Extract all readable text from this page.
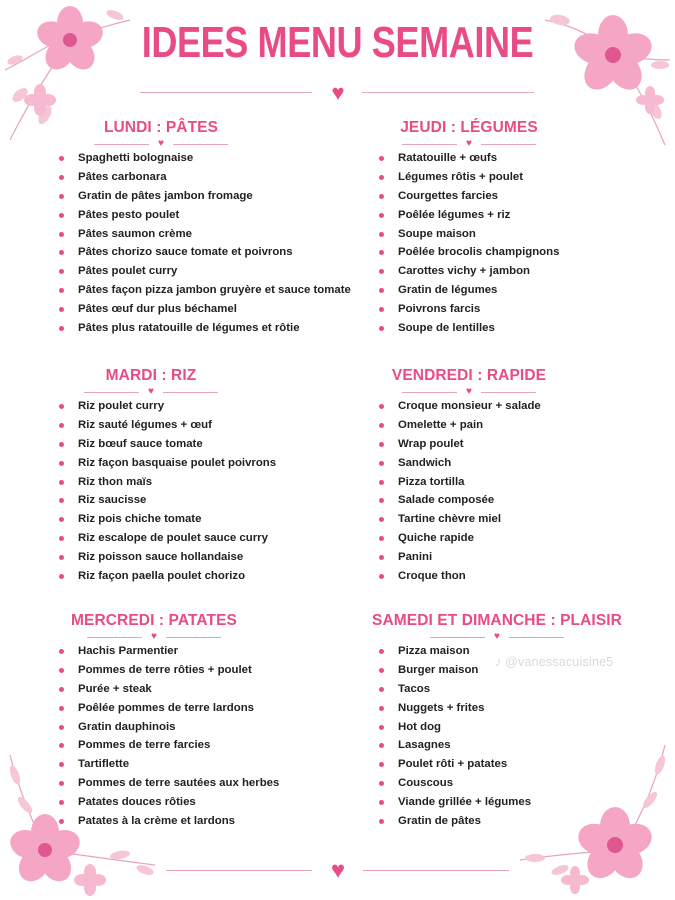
IDEES MENU SEMAINE
♥
LUNDI : PÂTES
♥
Spaghetti bolognaise
Pâtes carbonara
Gratin de pâtes jambon fromage
Pâtes pesto poulet
Pâtes saumon crème
Pâtes chorizo sauce tomate et poivrons
Pâtes poulet curry
Pâtes façon pizza jambon gruyère et sauce tomate
Pâtes œuf dur plus béchamel
Pâtes plus ratatouille de légumes et rôtie
JEUDI : LÉGUMES
♥
Ratatouille + œufs
Légumes rôtis + poulet
Courgettes farcies
Poêlée légumes + riz
Soupe maison
Poêlée brocolis champignons
Carottes vichy + jambon
Gratin de légumes
Poivrons farcis
Soupe de lentilles
MARDI : RIZ
♥
Riz poulet curry
Riz sauté légumes + œuf
Riz bœuf sauce tomate
Riz façon basquaise poulet poivrons
Riz thon maïs
Riz saucisse
Riz pois chiche tomate
Riz escalope de poulet sauce curry
Riz poisson sauce hollandaise
Riz façon paella poulet chorizo
VENDREDI : RAPIDE
♥
Croque monsieur + salade
Omelette + pain
Wrap poulet
Sandwich
Pizza tortilla
Salade composée
Tartine chèvre miel
Quiche rapide
Panini
Croque thon
MERCREDI : PATATES
♥
Hachis Parmentier
Pommes de terre rôties + poulet
Purée + steak
Poêlée pommes de terre lardons
Gratin dauphinois
Pommes de terre farcies
Tartiflette
Pommes de terre sautées aux herbes
Patates douces rôties
Patates à la crème et lardons
SAMEDI ET DIMANCHE : PLAISIR
♥
Pizza maison
Burger maison
Tacos
Nuggets + frites
Hot dog
Lasagnes
Poulet rôti + patates
Couscous
Viande grillée + légumes
Gratin de pâtes
♪ @vanessacuisine5
♥
